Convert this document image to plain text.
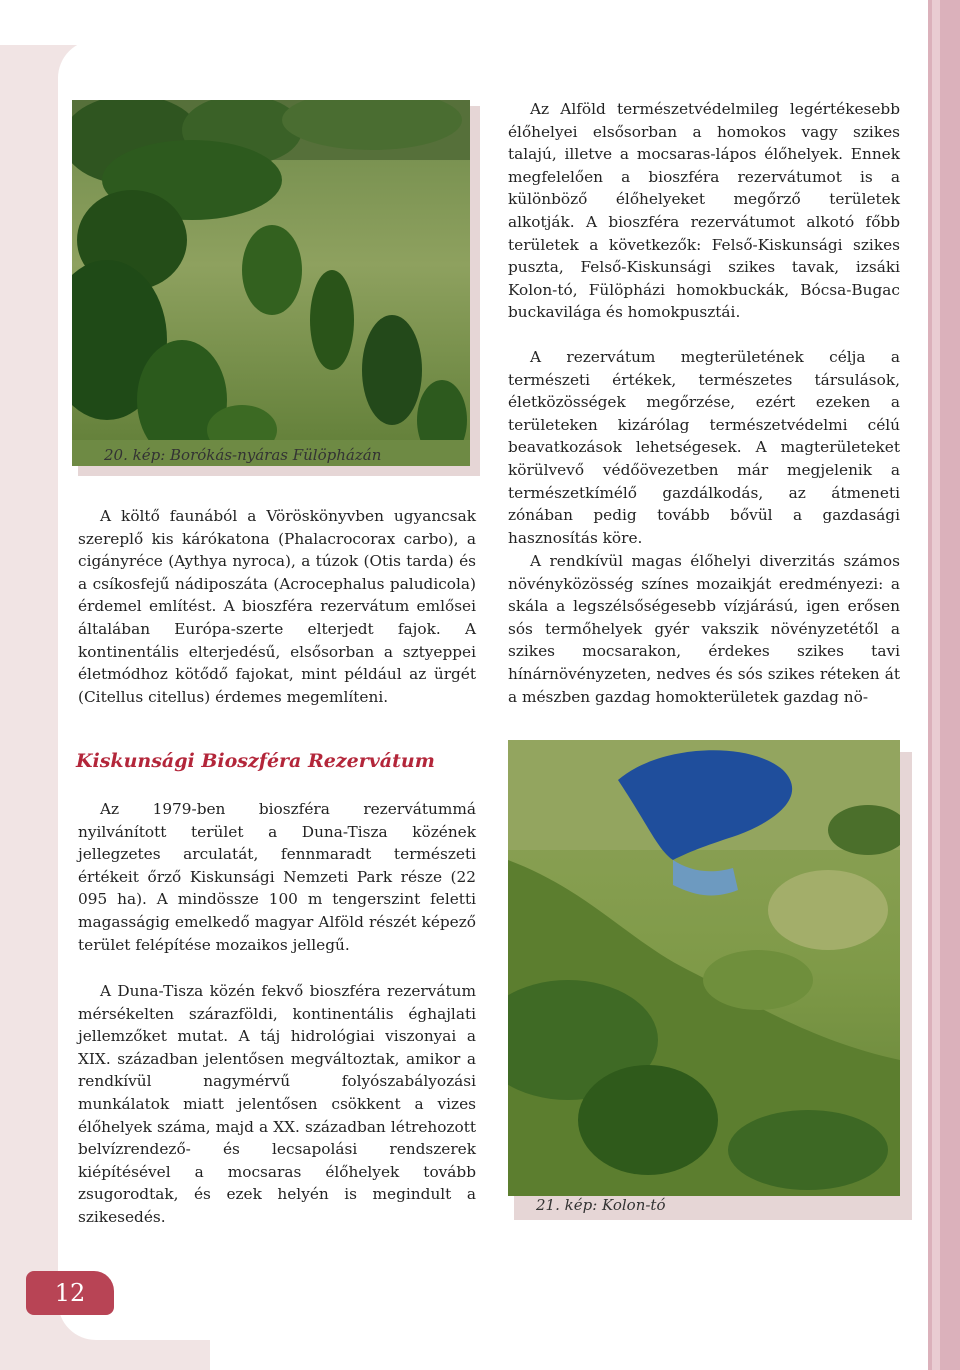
20. kép: Borókás-nyáras Fülöpházán

A költő faunából a Vöröskönyvben ugyancsak szereplő kis kárókatona (Phalacrocorax carbo), a cigányréce (Aythya nyroca), a túzok (Otis tarda) és a csíkosfejű nádiposzáta (Acrocephalus paludicola) érdemel említést. A bioszféra rezervátum emlősei általában Európa-szerte elterjedt fajok. A kontinentális elterjedésű, elsősorban a sztyeppei életmódhoz kötődő fajokat, mint például az ürgét (Citellus citellus) érdemes megemlíteni.

Kiskunsági Bioszféra Rezervátum

Az 1979-ben bioszféra rezervátummá nyilvánított terület a Duna-Tisza közének jellegzetes arculatát, fennmaradt természeti értékeit őrző Kiskunsági Nemzeti Park része (22 095 ha). A mindössze 100 m tengerszint feletti magasságig emelkedő magyar Alföld részét képező terület felépítése mozaikos jellegű.

A Duna-Tisza közén fekvő bioszféra rezervátum mérsékelten szárazföldi, kontinentális éghajlati jellemzőket mutat. A táj hidrológiai viszonyai a XIX. században jelentősen megváltoztak, amikor a rendkívül nagymérvű folyószabályozási munkálatok miatt jelentősen csökkent a vizes élőhelyek száma, majd a XX. században létrehozott belvízrendező- és lecsapolási rendszerek kiépítésével a mocsaras élőhelyek tovább zsugorodtak, és ezek helyén is megindult a szikesedés.

Az Alföld természetvédelmileg legértékesebb élőhelyei elsősorban a homokos vagy szikes talajú, illetve a mocsaras-lápos élőhelyek. Ennek megfelelően a bioszféra rezervátumot is a különböző élőhelyeket megőrző területek alkotják. A bioszféra rezervátumot alkotó főbb területek a következők: Felső-Kiskunsági szikes puszta, Felső-Kiskunsági szikes tavak, izsáki Kolon-tó, Fülöpházi homokbuckák, Bócsa-Bugac buckavilága és homokpusztái.

A rezervátum megterületének célja a természeti értékek, természetes társulások, életközösségek megőrzése, ezért ezeken a területeken kizárólag természetvédelmi célú beavatkozások lehetségesek. A magterületeket körülvevő védőövezetben már megjelenik a természetkímélő gazdálkodás, az átmeneti zónában pedig tovább bővül a gazdasági hasznosítás köre.

A rendkívül magas élőhelyi diverzitás számos növényközösség színes mozaikját eredményezi: a skála a legszélsőségesebb vízjárású, igen erősen sós termőhelyek gyér vakszik növényzetétől a szikes mocsarakon, érdekes szikes tavi hínárnövényzeten, nedves és sós szikes réteken át a mészben gazdag homokterületek gazdag nö-

21. kép: Kolon-tó
12
